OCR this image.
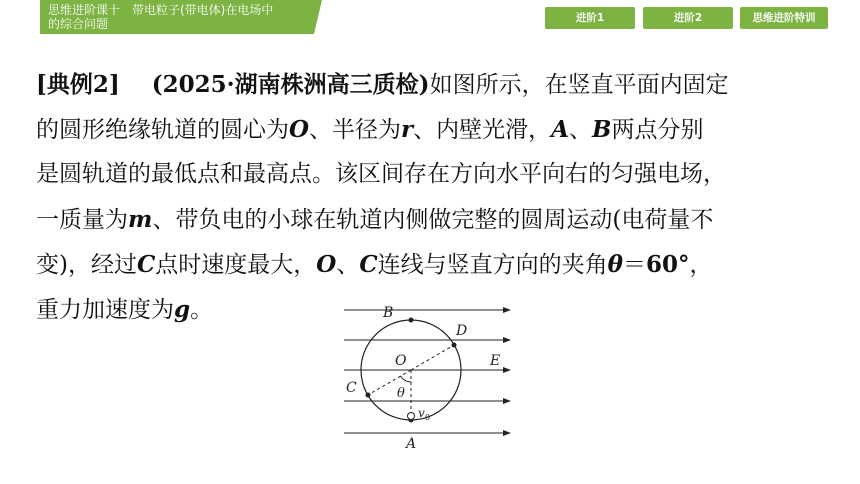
思维进阶课十　带电粒子(带电体)在电场中
的综合问题	进阶1	进阶2	思维进阶特训
[典例2] (2025·湖南株洲高三质检)如图所示，在竖直平面内固定
的圆形绝缘轨道的圆心为O、半径为r、内壁光滑，A、B两点分别
是圆轨道的最低点和最高点。该区间存在方向水平向右的匀强电场，
一质量为m、带负电的小球在轨道内侧做完整的圆周运动(电荷量不
变)，经过C点时速度最大，O、C连线与竖直方向的夹角θ＝60°，
重力加速度为g。	B
D
O	E
C	θ
v 0
A
